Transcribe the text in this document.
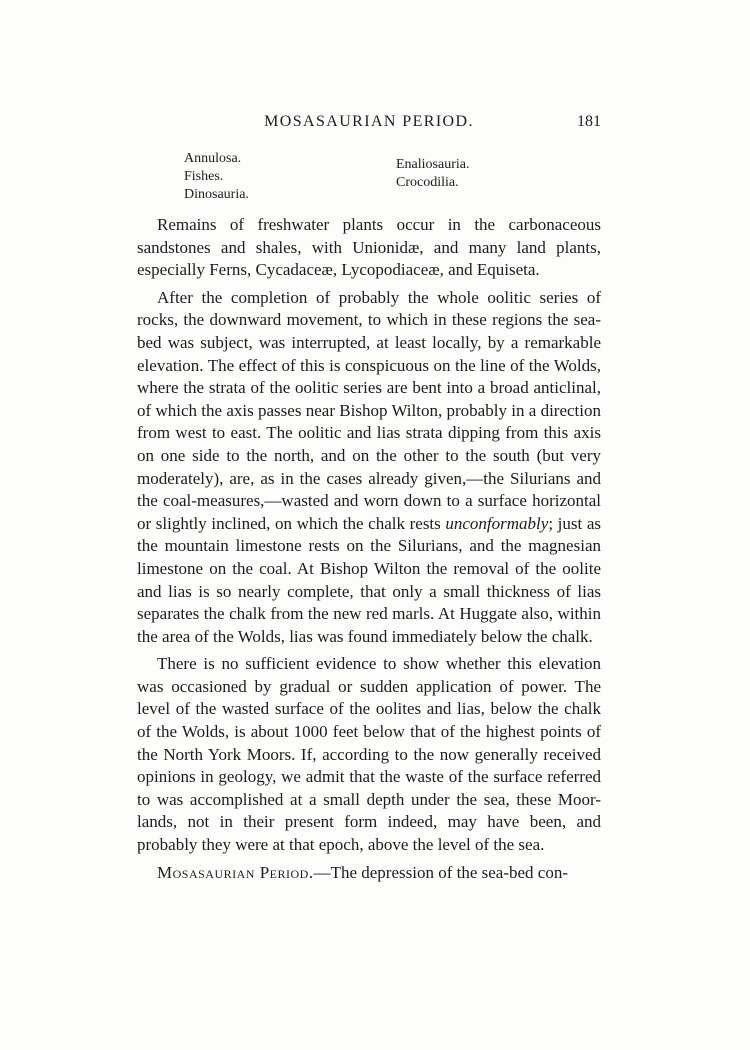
MOSASAURIAN PERIOD.	181
Annulosa.
Fishes.
Dinosauria.
Enaliosauria.
Crocodilia.

Remains of freshwater plants occur in the carbonaceous sandstones and shales, with Unionidæ, and many land plants, especially Ferns, Cycadaceæ, Lycopodiaceæ, and Equiseta.

After the completion of probably the whole oolitic series of rocks, the downward movement, to which in these regions the sea-bed was subject, was interrupted, at least locally, by a remarkable elevation. The effect of this is conspicuous on the line of the Wolds, where the strata of the oolitic series are bent into a broad anticlinal, of which the axis passes near Bishop Wilton, probably in a direction from west to east. The oolitic and lias strata dipping from this axis on one side to the north, and on the other to the south (but very moderately), are, as in the cases already given,—the Silurians and the coal-measures,—wasted and worn down to a surface horizontal or slightly inclined, on which the chalk rests unconformably; just as the mountain limestone rests on the Silurians, and the magnesian limestone on the coal. At Bishop Wilton the removal of the oolite and lias is so nearly complete, that only a small thickness of lias separates the chalk from the new red marls. At Huggate also, within the area of the Wolds, lias was found immediately below the chalk.

There is no sufficient evidence to show whether this elevation was occasioned by gradual or sudden application of power. The level of the wasted surface of the oolites and lias, below the chalk of the Wolds, is about 1000 feet below that of the highest points of the North York Moors. If, according to the now generally received opinions in geology, we admit that the waste of the surface referred to was accomplished at a small depth under the sea, these Moor-lands, not in their present form indeed, may have been, and probably they were at that epoch, above the level of the sea.

Mosasaurian Period.—The depression of the sea-bed con-
